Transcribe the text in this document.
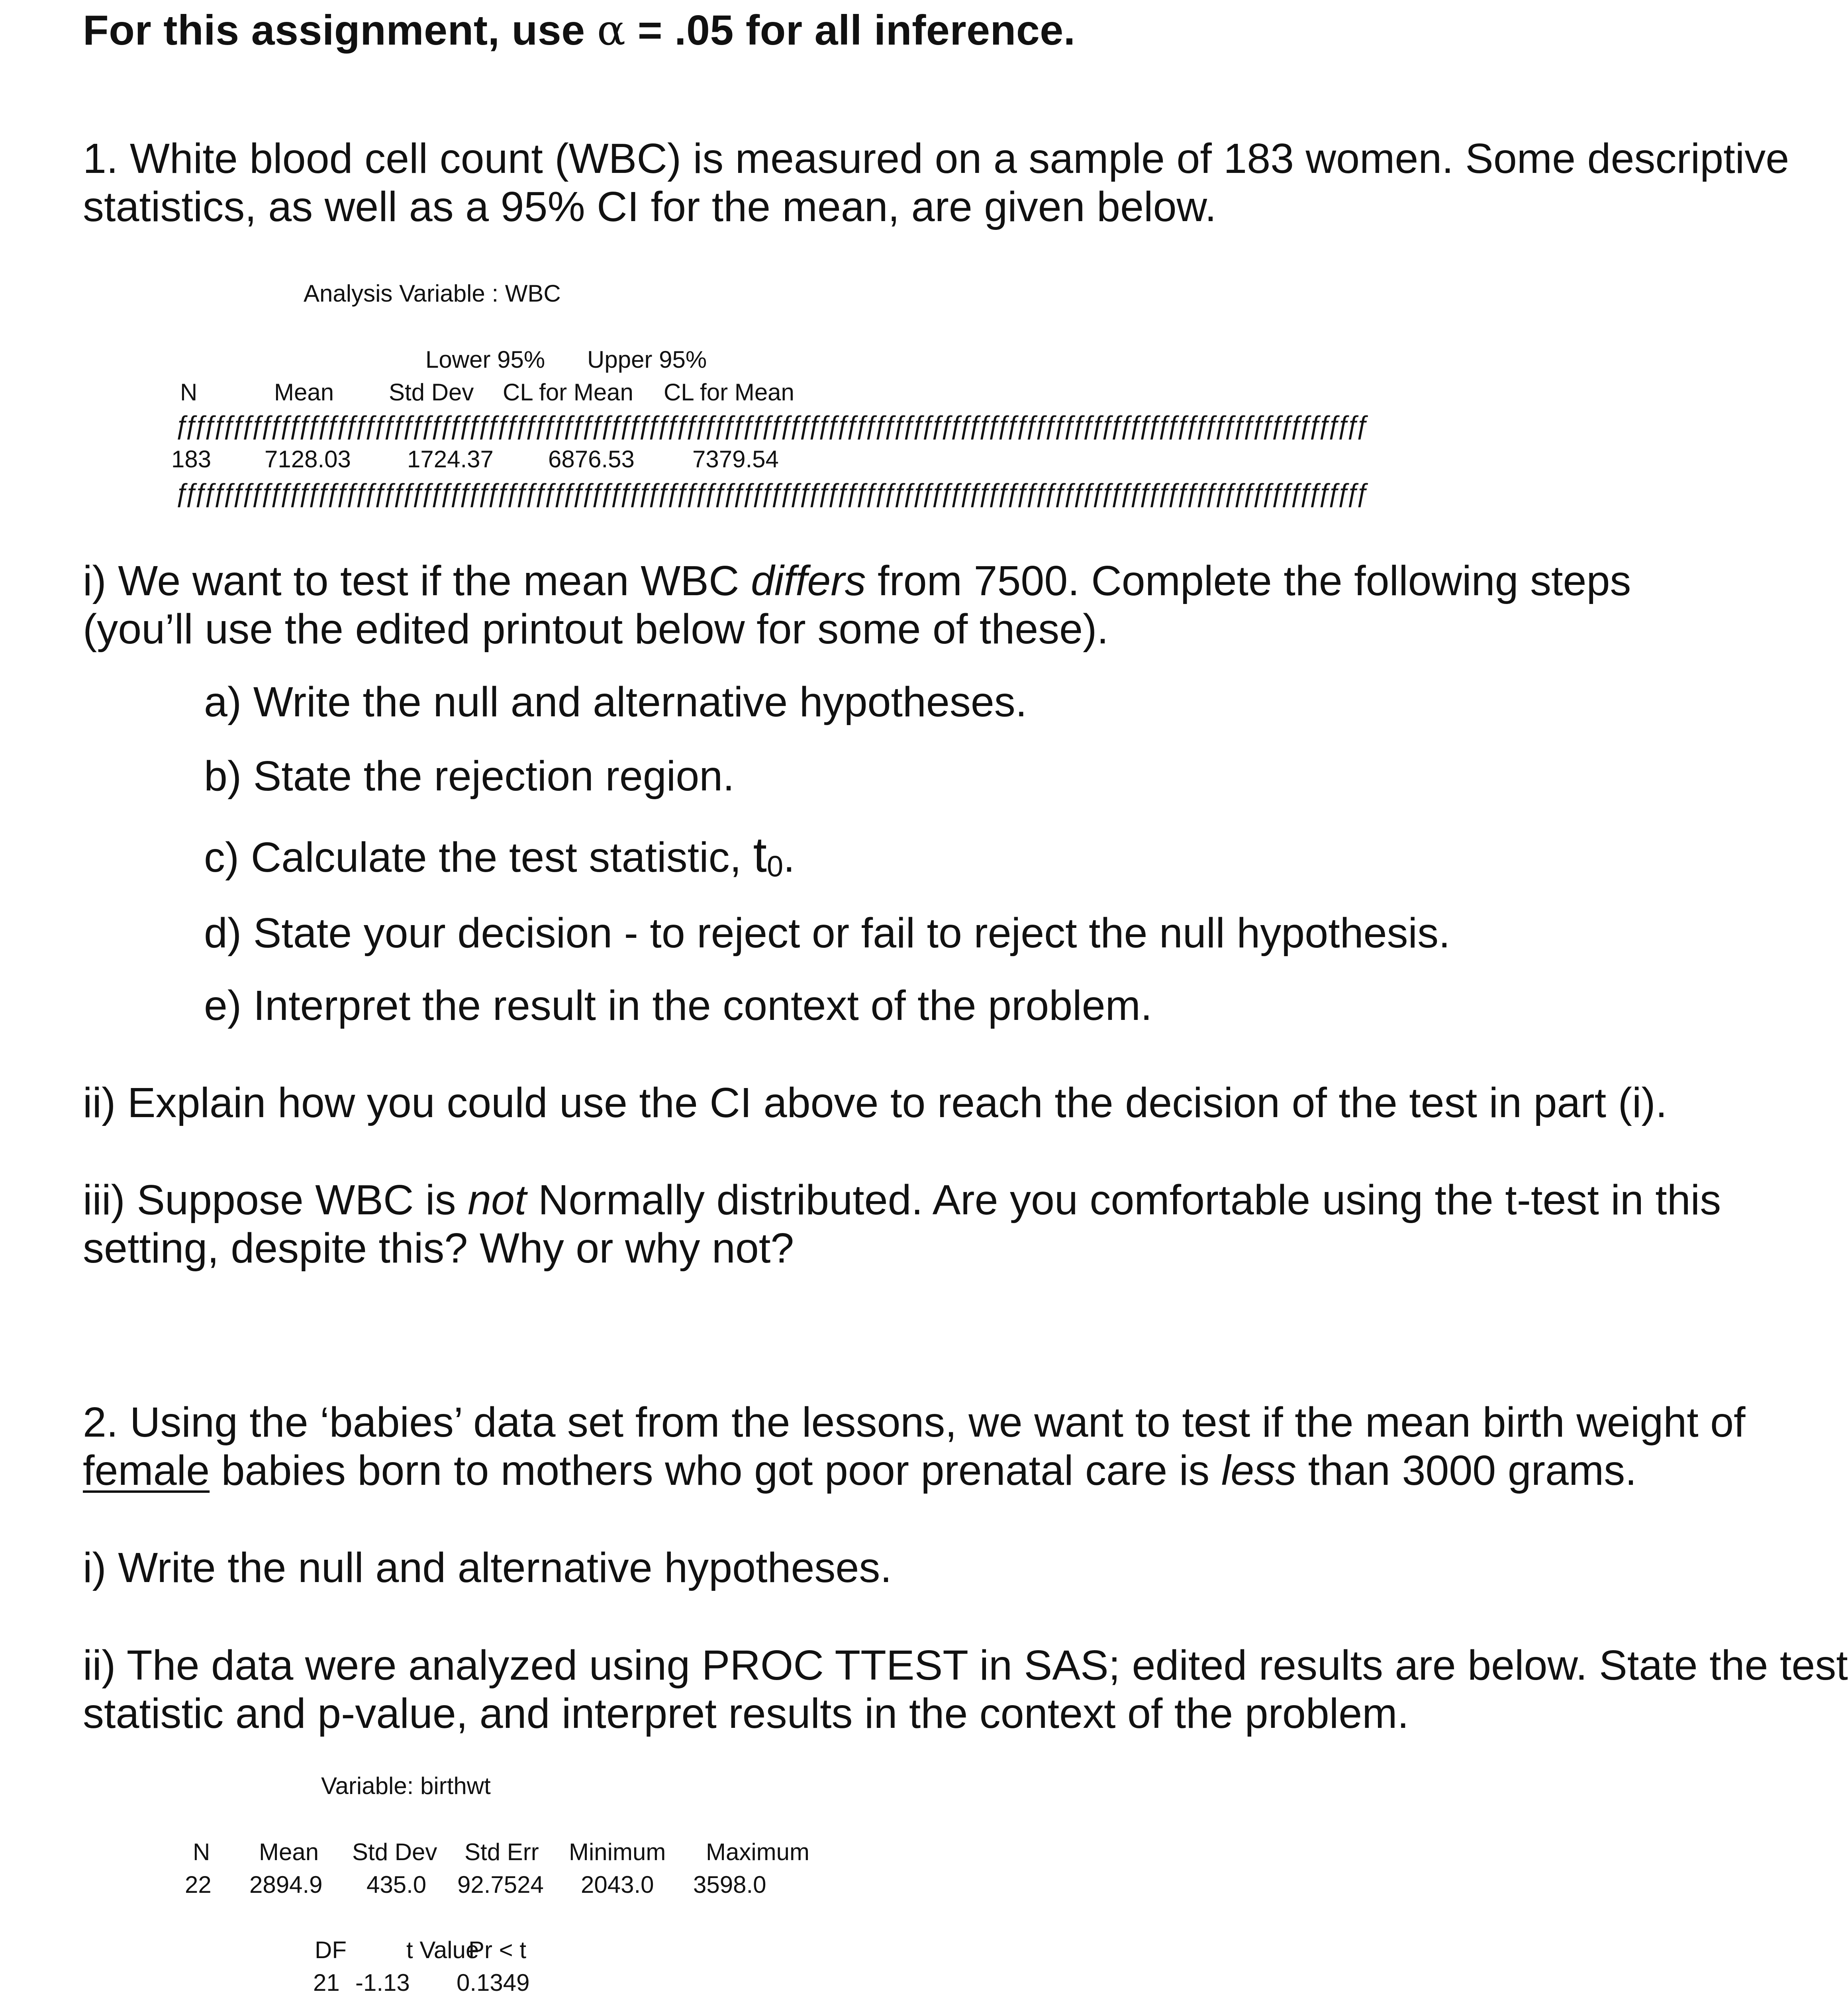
For this assignment, use α = .05 for all inference.
1. White blood cell count (WBC) is measured on a sample of 183 women. Some descriptive
statistics, as well as a 95% CI for the mean, are given below.
Analysis Variable : WBC
Lower 95% Upper 95%
N	Mean Std Dev CL for Mean CL for Mean
ƒƒƒƒƒƒƒƒƒƒƒƒƒƒƒƒƒƒƒƒƒƒƒƒƒƒƒƒƒƒƒƒƒƒƒƒƒƒƒƒƒƒƒƒƒƒƒƒƒƒƒƒƒƒƒƒƒƒƒƒƒƒƒƒƒƒƒƒƒƒƒƒƒƒƒƒƒƒƒƒƒƒƒƒƒƒƒƒƒƒƒƒƒƒƒƒƒƒƒƒƒƒƒƒƒƒƒƒƒƒƒƒƒƒƒƒƒƒƒƒƒƒƒƒƒƒ
183 7128.03 1724.37 6876.53 7379.54
ƒƒƒƒƒƒƒƒƒƒƒƒƒƒƒƒƒƒƒƒƒƒƒƒƒƒƒƒƒƒƒƒƒƒƒƒƒƒƒƒƒƒƒƒƒƒƒƒƒƒƒƒƒƒƒƒƒƒƒƒƒƒƒƒƒƒƒƒƒƒƒƒƒƒƒƒƒƒƒƒƒƒƒƒƒƒƒƒƒƒƒƒƒƒƒƒƒƒƒƒƒƒƒƒƒƒƒƒƒƒƒƒƒƒƒƒƒƒƒƒƒƒƒƒƒƒ
i) We want to test if the mean WBC differs from 7500. Complete the following steps
(you’ll use the edited printout below for some of these).
a) Write the null and alternative hypotheses.
b) State the rejection region.
c) Calculate the test statistic, t0.
d) State your decision - to reject or fail to reject the null hypothesis.
e) Interpret the result in the context of the problem.
ii) Explain how you could use the CI above to reach the decision of the test in part (i).
iii) Suppose WBC is not Normally distributed. Are you comfortable using the t-test in this
setting, despite this? Why or why not?
2. Using the ‘babies’ data set from the lessons, we want to test if the mean birth weight of
female babies born to mothers who got poor prenatal care is less than 3000 grams.
i) Write the null and alternative hypotheses.
ii) The data were analyzed using PROC TTEST in SAS; edited results are below. State the test
statistic and p-value, and interpret results in the context of the problem.
Variable: birthwt
N Mean Std Dev Std Err Minimum Maximum
22 2894.9 435.0 92.7524 2043.0 3598.0
DF	t Value
Pr < t
21 -1.13 0.1349
